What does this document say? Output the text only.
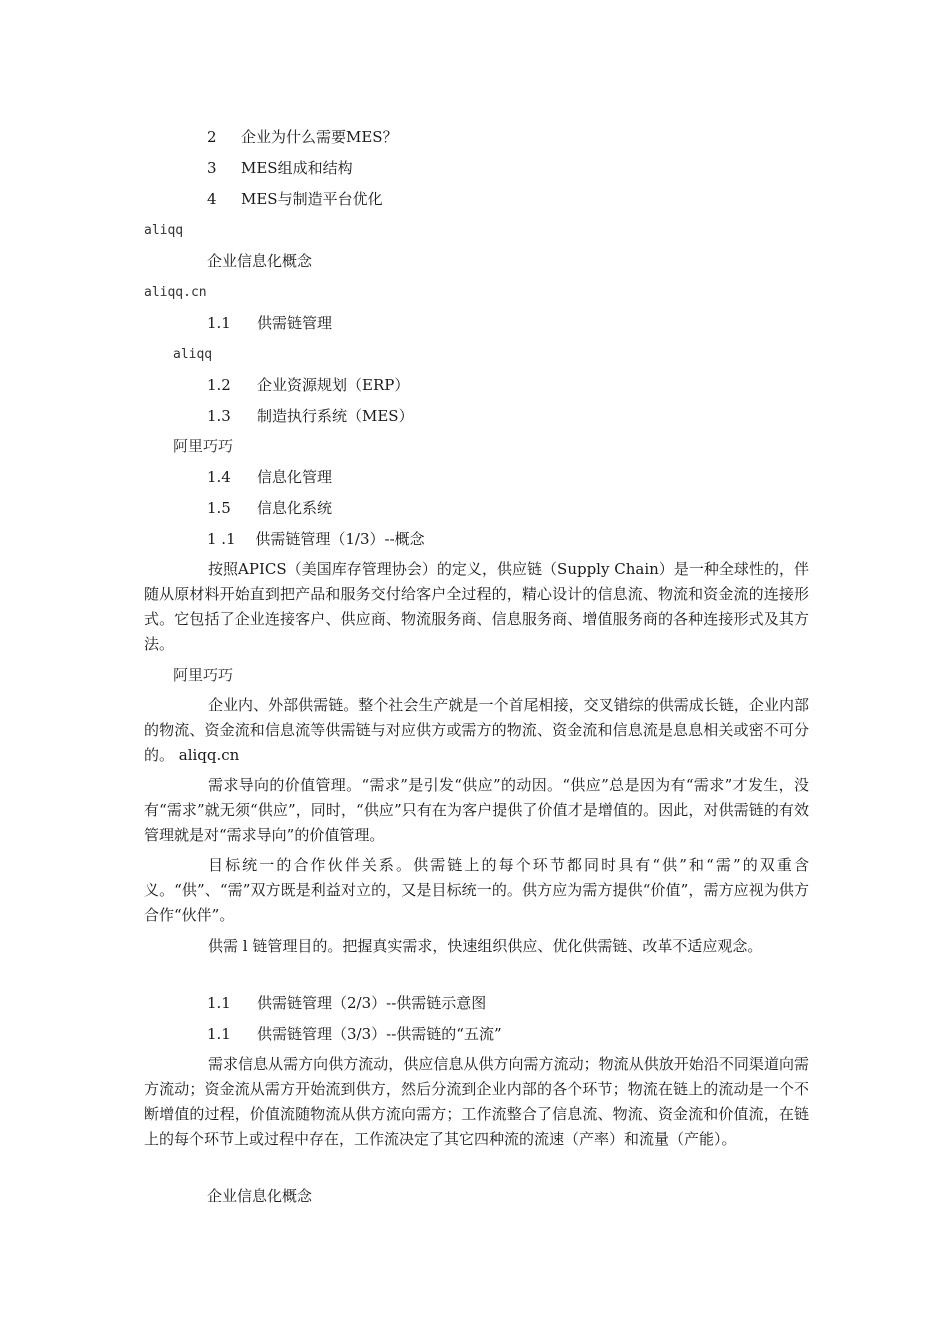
2 企业为什么需要MES？
3 MES组成和结构
4 MES与制造平台优化
aliqq
企业信息化概念
aliqq.cn
1.1 供需链管理
aliqq
1.2 企业资源规划（ERP）
1.3 制造执行系统（MES）
阿里巧巧
1.4 信息化管理
1.5 信息化系统
1 .1　 供需链管理（1/3）--概念

按照APICS（美国库存管理协会）的定义，供应链（Supply Chain）是一种全球性的，伴随从原材料开始直到把产品和服务交付给客户全过程的，精心设计的信息流、物流和资金流的连接形式。它包括了企业连接客户、供应商、物流服务商、信息服务商、增值服务商的各种连接形式及其方法。

阿里巧巧

企业内、外部供需链。整个社会生产就是一个首尾相接，交叉错综的供需成长链，企业内部的物流、资金流和信息流等供需链与对应供方或需方的物流、资金流和信息流是息息相关或密不可分的。 aliqq.cn

需求导向的价值管理。“需求”是引发“供应”的动因。“供应”总是因为有“需求”才发生，没有“需求”就无须“供应”，同时，“供应”只有在为客户提供了价值才是增值的。因此，对供需链的有效管理就是对“需求导向”的价值管理。

目标统一的合作伙伴关系。供需链上的每个环节都同时具有“供”和“需”的双重含义。“供”、“需”双方既是利益对立的，又是目标统一的。供方应为需方提供“价值”，需方应视为供方合作“伙伴”。

供需 l 链管理目的。把握真实需求，快速组织供应、优化供需链、改革不适应观念。

1.1 供需链管理（2/3）--供需链示意图
1.1 供需链管理（3/3）--供需链的“五流”

需求信息从需方向供方流动，供应信息从供方向需方流动；物流从供放开始沿不同渠道向需方流动；资金流从需方开始流到供方，然后分流到企业内部的各个环节；物流在链上的流动是一个不断增值的过程，价值流随物流从供方流向需方；工作流整合了信息流、物流、资金流和价值流，在链上的每个环节上或过程中存在，工作流决定了其它四种流的流速（产率）和流量（产能）。

企业信息化概念
